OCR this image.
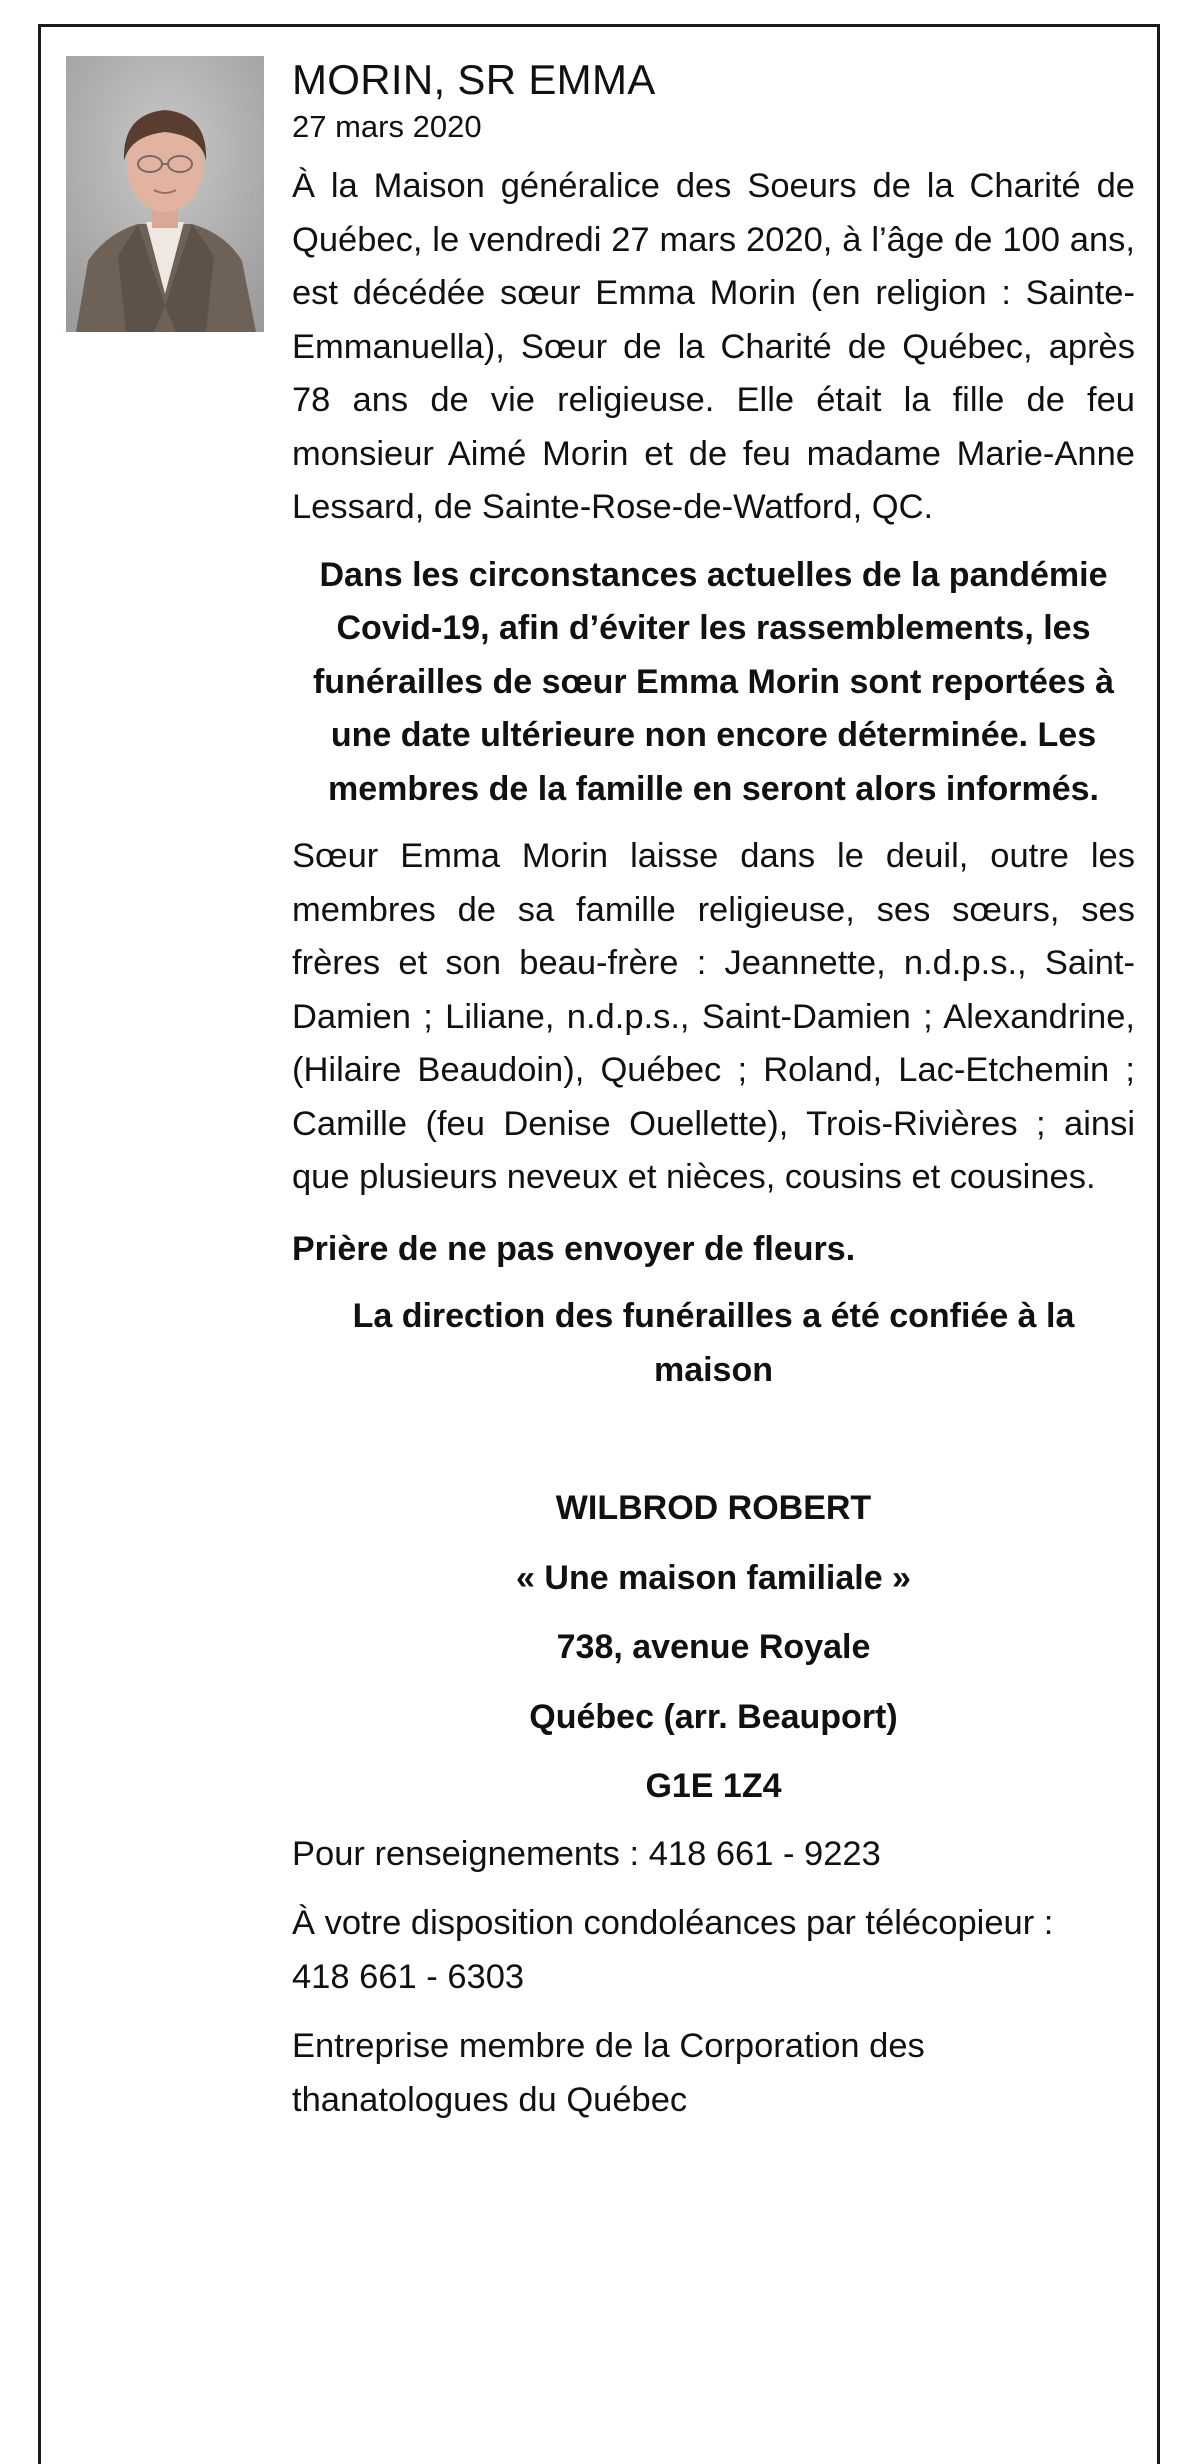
MORIN, SR EMMA
27 mars 2020

À la Maison généralice des Soeurs de la Charité de Québec, le vendredi 27 mars 2020, à l’âge de 100 ans, est décédée sœur Emma Morin (en religion : Sainte-Emmanuella), Sœur de la Charité de Québec, après 78 ans de vie religieuse. Elle était la fille de feu monsieur Aimé Morin et de feu madame Marie-Anne Lessard, de Sainte-Rose-de-Watford, QC.

Dans les circonstances actuelles de la pandémie Covid-19, afin d’éviter les rassemblements, les funérailles de sœur Emma Morin sont reportées à une date ultérieure non encore déterminée. Les membres de la famille en seront alors informés.

Sœur Emma Morin laisse dans le deuil, outre les membres de sa famille religieuse, ses sœurs, ses frères et son beau-frère : Jeannette, n.d.p.s., Saint-Damien ; Liliane, n.d.p.s., Saint-Damien ; Alexandrine, (Hilaire Beaudoin), Québec ; Roland, Lac-Etchemin ; Camille (feu Denise Ouellette), Trois-Rivières ; ainsi que plusieurs neveux et nièces, cousins et cousines.

Prière de ne pas envoyer de fleurs.

La direction des funérailles a été confiée à la maison

WILBROD ROBERT

« Une maison familiale »

738, avenue Royale

Québec (arr. Beauport)

G1E 1Z4

Pour renseignements : 418 661 - 9223

À votre disposition condoléances par télécopieur :

418 661 - 6303

Entreprise membre de la Corporation des

thanatologues du Québec
